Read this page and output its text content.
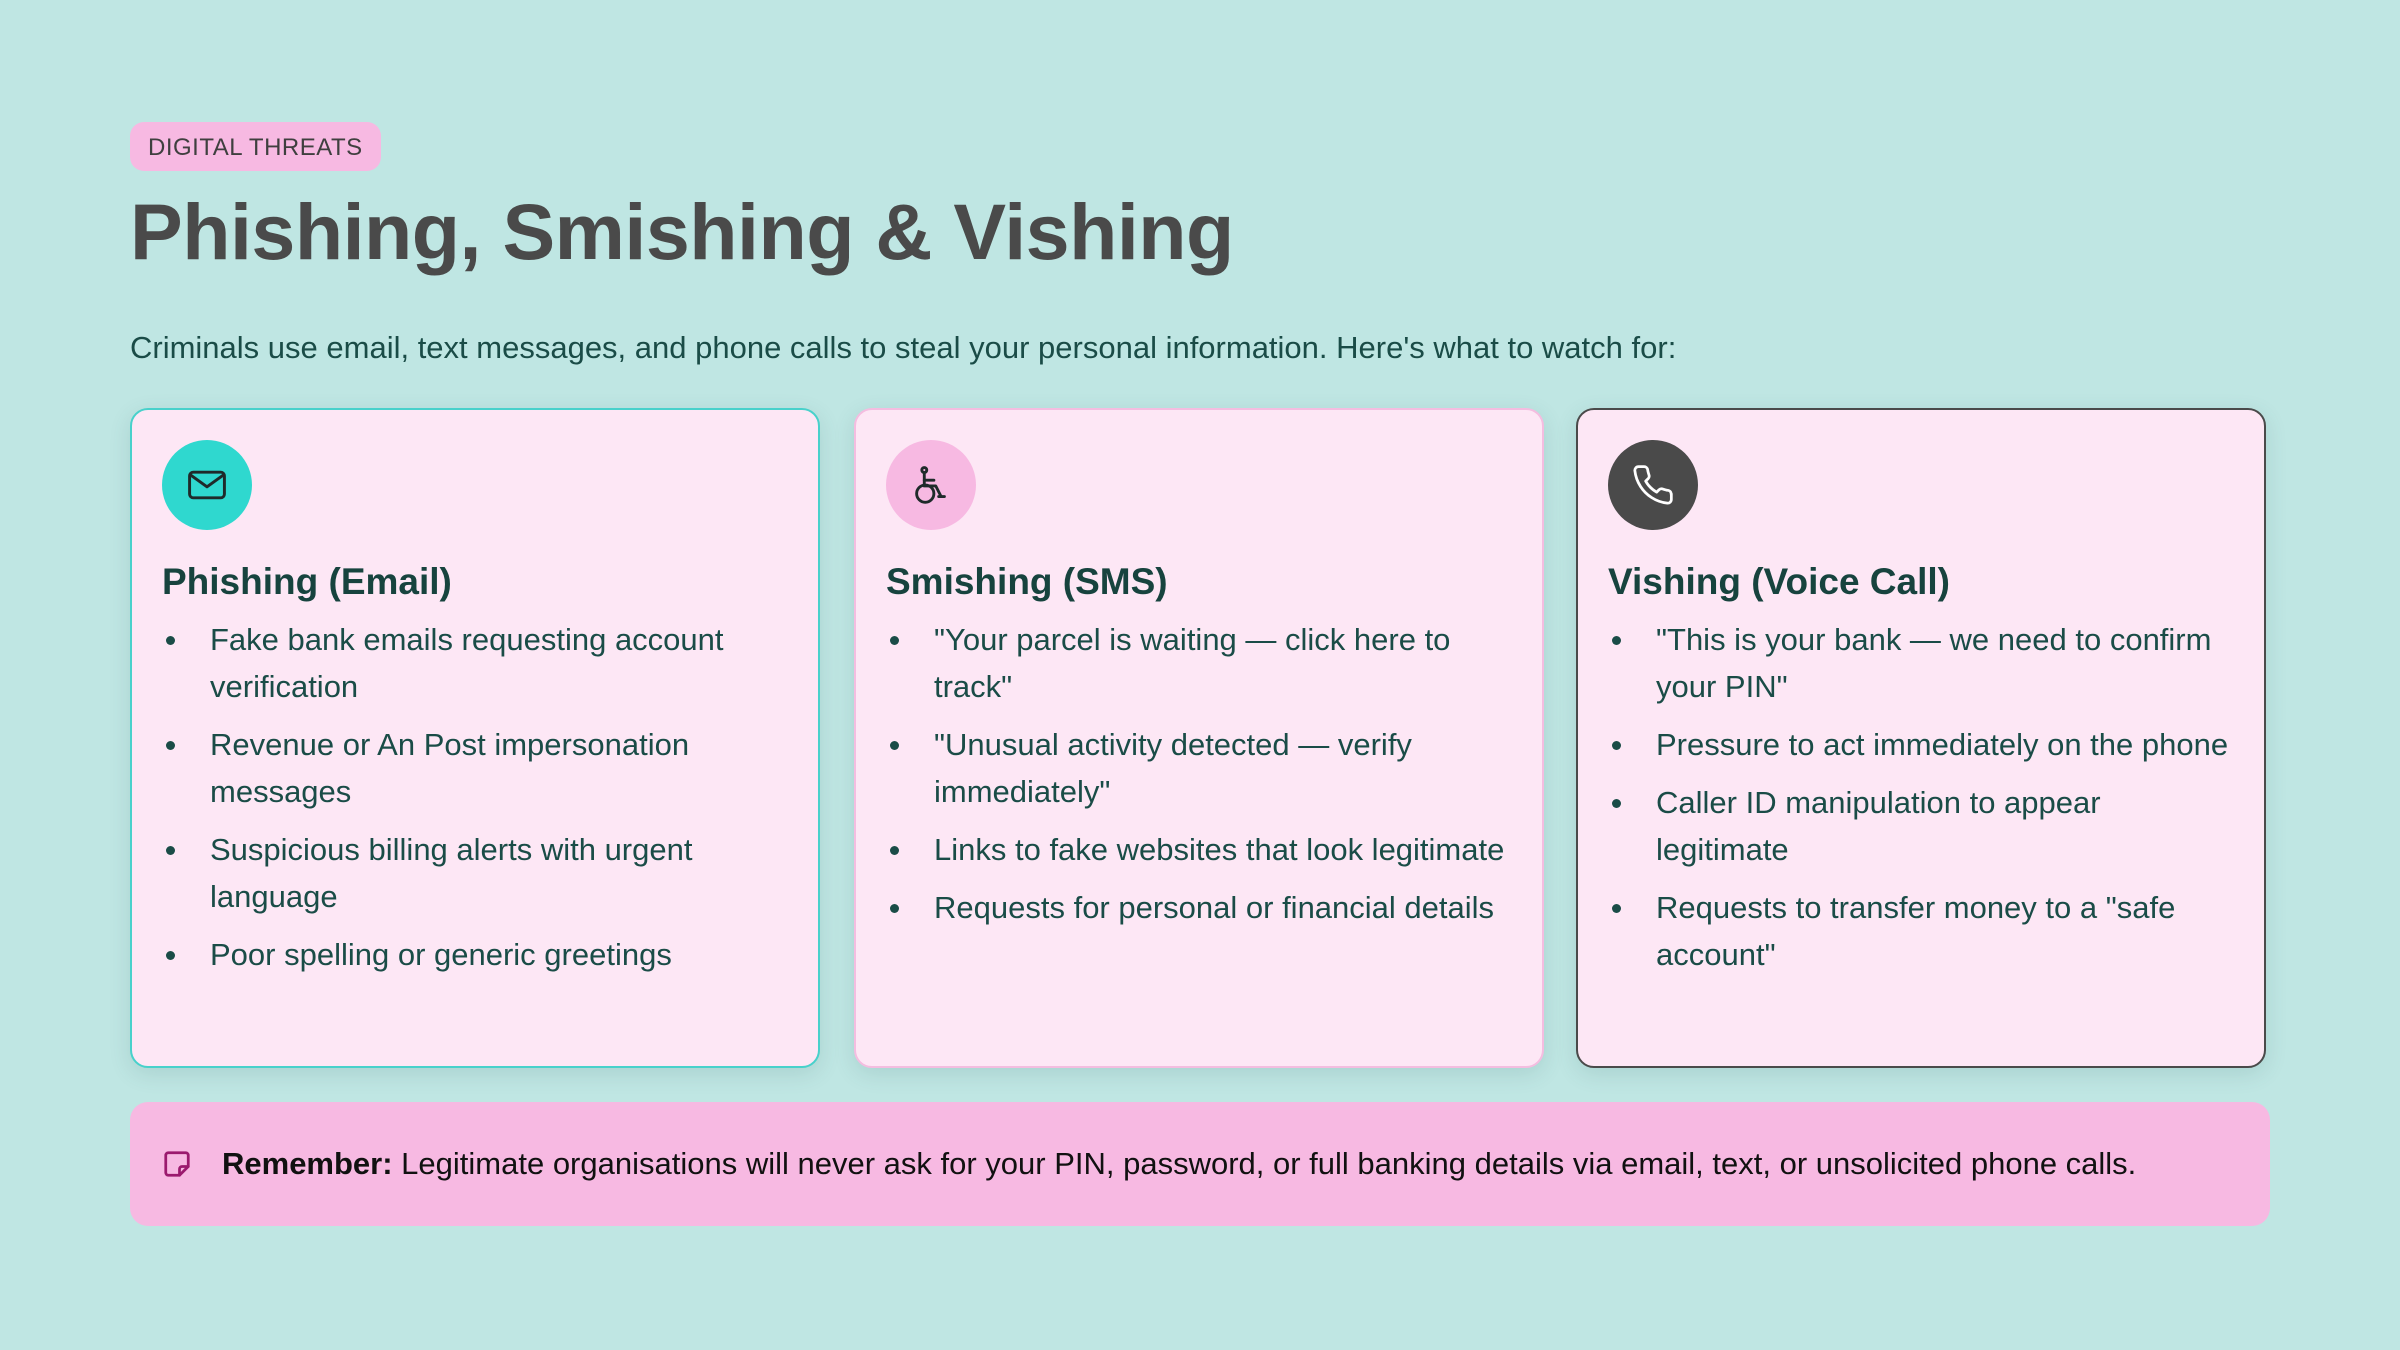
DIGITAL THREATS
Phishing, Smishing & Vishing

Criminals use email, text messages, and phone calls to steal your personal information. Here's what to watch for:

Phishing (Email)
Fake bank emails requesting account verification
Revenue or An Post impersonation messages
Suspicious billing alerts with urgent language
Poor spelling or generic greetings
Smishing (SMS)
"Your parcel is waiting — click here to track"
"Unusual activity detected — verify immediately"
Links to fake websites that look legitimate
Requests for personal or financial details
Vishing (Voice Call)
"This is your bank — we need to confirm your PIN"
Pressure to act immediately on the phone
Caller ID manipulation to appear legitimate
Requests to transfer money to a "safe account"
Remember: Legitimate organisations will never ask for your PIN, password, or full banking details via email, text, or unsolicited phone calls.
